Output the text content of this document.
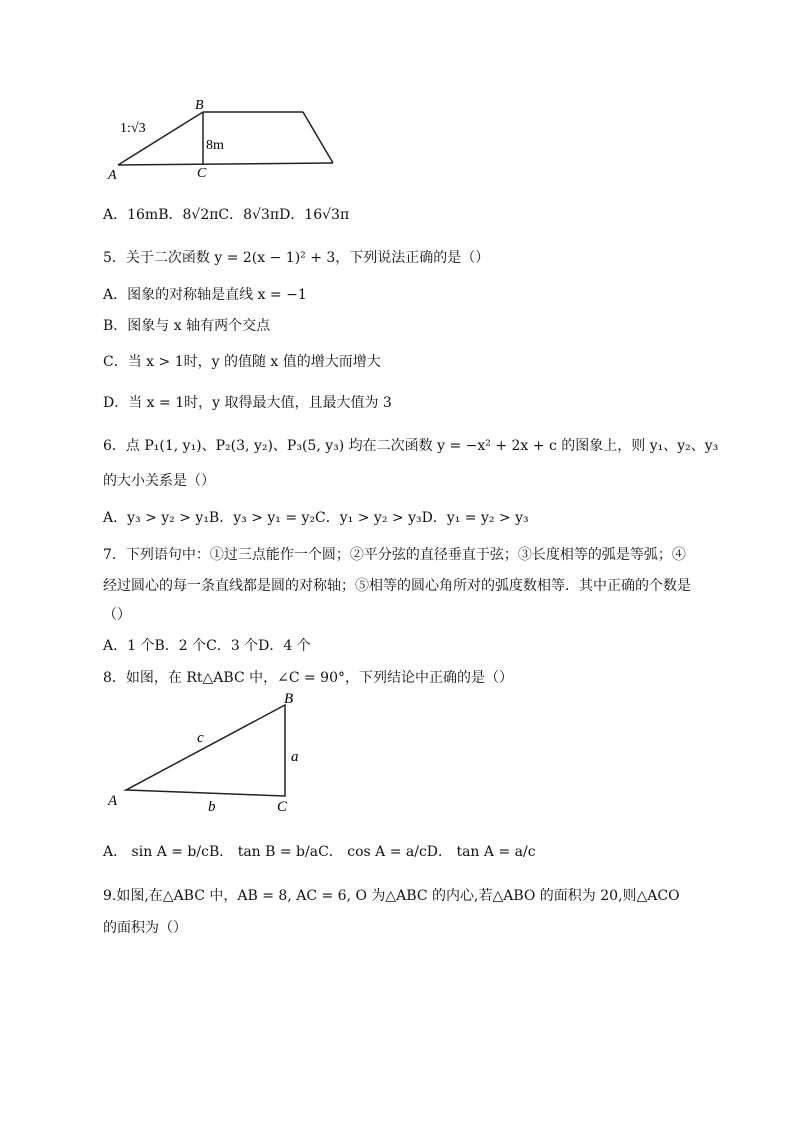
1:√3
8m
B
A	C
A．16mB．8√2πC．8√3πD．16√3π
5．关于二次函数 y = 2(x − 1)² + 3，下列说法正确的是（）
A．图象的对称轴是直线 x = −1
B．图象与 x 轴有两个交点
C．当 x > 1时，y 的值随 x 值的增大而增大
D．当 x = 1时，y 取得最大值，且最大值为 3
6．点 P₁(1, y₁)、P₂(3, y₂)、P₃(5, y₃) 均在二次函数 y = −x² + 2x + c 的图象上，则 y₁、y₂、y₃
的大小关系是（）
A．y₃ > y₂ > y₁B．y₃ > y₁ = y₂C．y₁ > y₂ > y₃D．y₁ = y₂ > y₃
7．下列语句中：①过三点能作一个圆；②平分弦的直径垂直于弦；③长度相等的弧是等弧；④
经过圆心的每一条直线都是圆的对称轴；⑤相等的圆心角所对的弧度数相等．其中正确的个数是
（）
A．1 个B．2 个C．3 个D．4 个
8．如图，在 Rt△ABC 中，∠C = 90°，下列结论中正确的是（）
B
A	C
a
b
c
A． sin A = b/cB． tan B = b/aC． cos A = a/cD． tan A = a/c
9.如图,在△ABC 中，AB = 8, AC = 6, O 为△ABC 的内心,若△ABO 的面积为 20,则△ACO
的面积为（）
